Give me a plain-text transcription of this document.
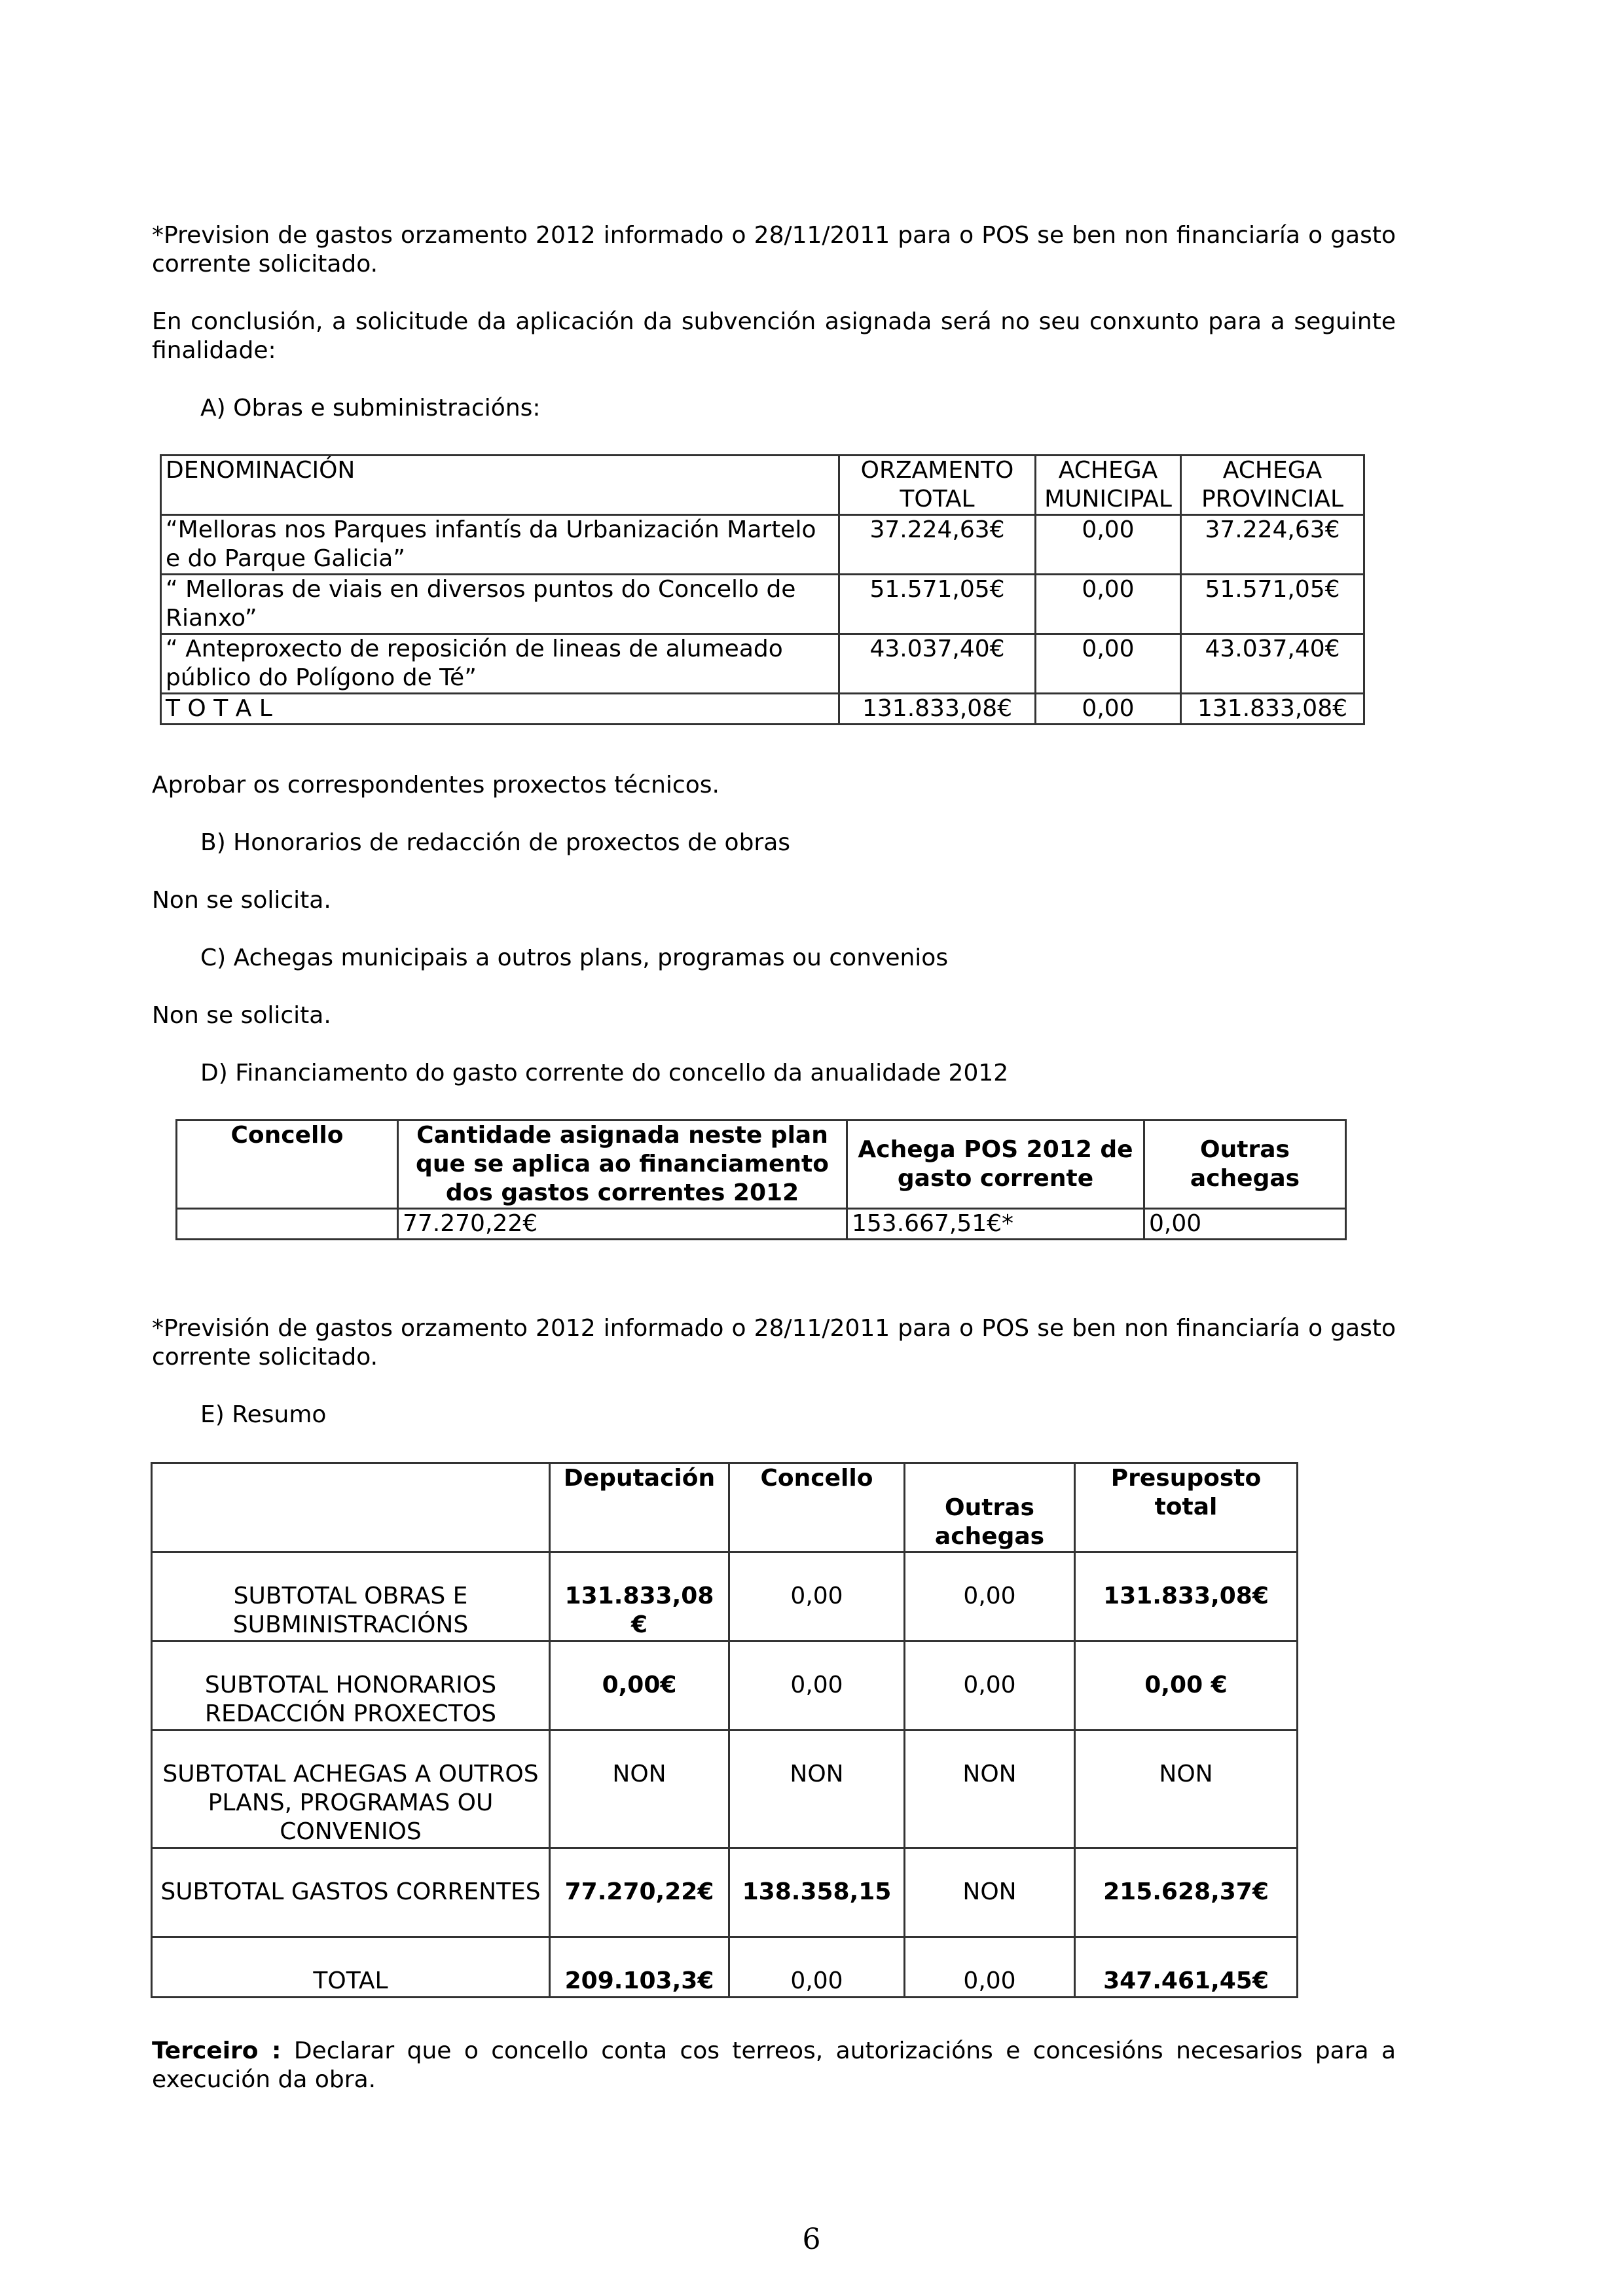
*Prevision de gastos orzamento 2012 informado o 28/11/2011 para o POS se ben non financiaría o gasto corrente solicitado.

En conclusión, a solicitude da aplicación da subvención asignada será no seu conxunto para a seguinte finalidade:

A) Obras e subministracións:

DENOMINACIÓN	ORZAMENTO TOTAL	ACHEGA MUNICIPAL	ACHEGA PROVINCIAL
“Melloras nos Parques infantís da Urbanización Martelo e do Parque Galicia”	37.224,63€	0,00	37.224,63€
“ Melloras de viais en diversos puntos do Concello de Rianxo”	51.571,05€	0,00	51.571,05€
“ Anteproxecto de reposición de lineas de alumeado público do Polígono de Té”	43.037,40€	0,00	43.037,40€
T O T A L	131.833,08€	0,00	131.833,08€

Aprobar os correspondentes proxectos técnicos.

B) Honorarios de redacción de proxectos de obras

Non se solicita.

C) Achegas municipais a outros plans, programas ou convenios

Non se solicita.

D) Financiamento do gasto corrente do concello da anualidade 2012

Concello	Cantidade asignada neste plan que se aplica ao financiamento dos gastos correntes 2012	Achega POS 2012 de gasto corrente	Outras achegas
	77.270,22€	153.667,51€*	0,00

*Previsión de gastos orzamento 2012 informado o 28/11/2011 para o POS se ben non financiaría o gasto corrente solicitado.

E) Resumo

	Deputación	Concello	Outras achegas	Presuposto total
SUBTOTAL OBRAS E SUBMINISTRACIÓNS	131.833,08 €	0,00	0,00	131.833,08€
SUBTOTAL HONORARIOS REDACCIÓN PROXECTOS	0,00€	0,00	0,00	0,00 €
SUBTOTAL ACHEGAS A OUTROS PLANS, PROGRAMAS OU CONVENIOS	NON	NON	NON	NON
SUBTOTAL GASTOS CORRENTES	77.270,22€	138.358,15	NON	215.628,37€
TOTAL	209.103,3€	0,00	0,00	347.461,45€

Terceiro : Declarar que o concello conta cos terreos, autorizacións e concesións necesarios para a execución da obra.

6
